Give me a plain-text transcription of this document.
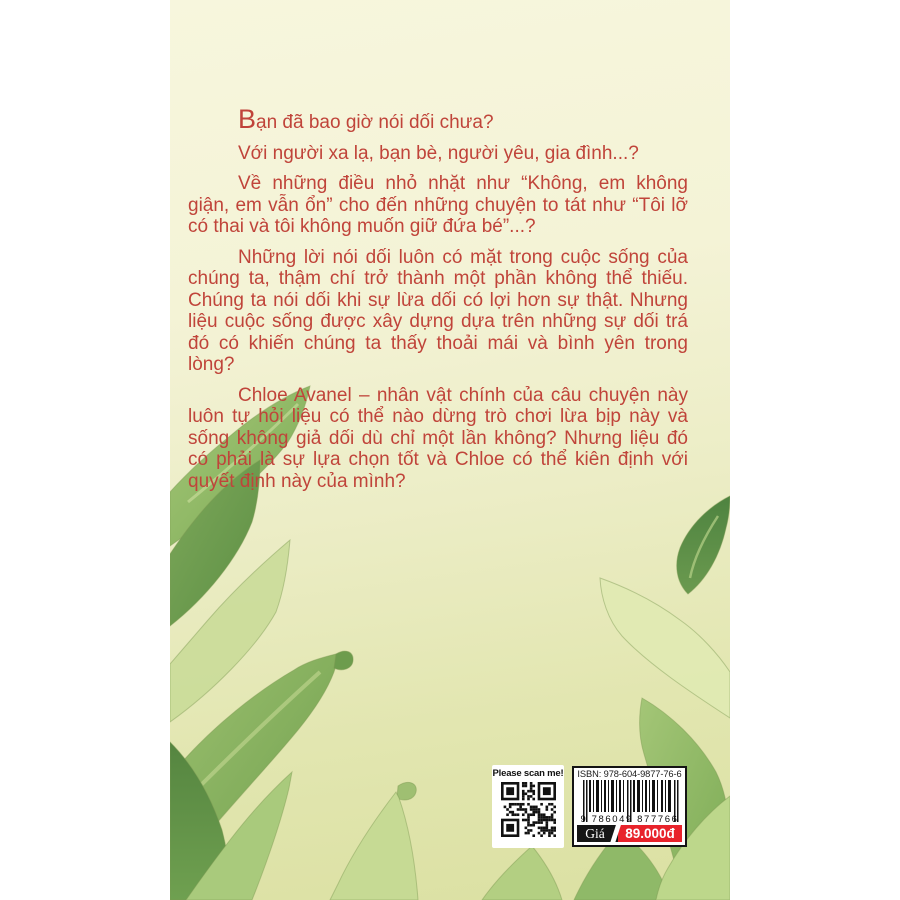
Bạn đã bao giờ nói dối chưa?

Với người xa lạ, bạn bè, người yêu, gia đình...?

Về những điều nhỏ nhặt như “Không, em không giận, em vẫn ổn” cho đến những chuyện to tát như “Tôi lỡ có thai và tôi không muốn giữ đứa bé”...?

Những lời nói dối luôn có mặt trong cuộc sống của chúng ta, thậm chí trở thành một phần không thể thiếu. Chúng ta nói dối khi sự lừa dối có lợi hơn sự thật. Nhưng liệu cuộc sống được xây dựng dựa trên những sự dối trá đó có khiến chúng ta thấy thoải mái và bình yên trong lòng?

Chloe Avanel – nhân vật chính của câu chuyện này luôn tự hỏi liệu có thể nào dừng trò chơi lừa bịp này và sống không giả dối dù chỉ một lần không? Nhưng liệu đó có phải là sự lựa chọn tốt và Chloe có thể kiên định với quyết định này của mình?

Please scan me!	ISBN: 978-604-9877-76-6
9 786049 877766
Giá	89.000đ
